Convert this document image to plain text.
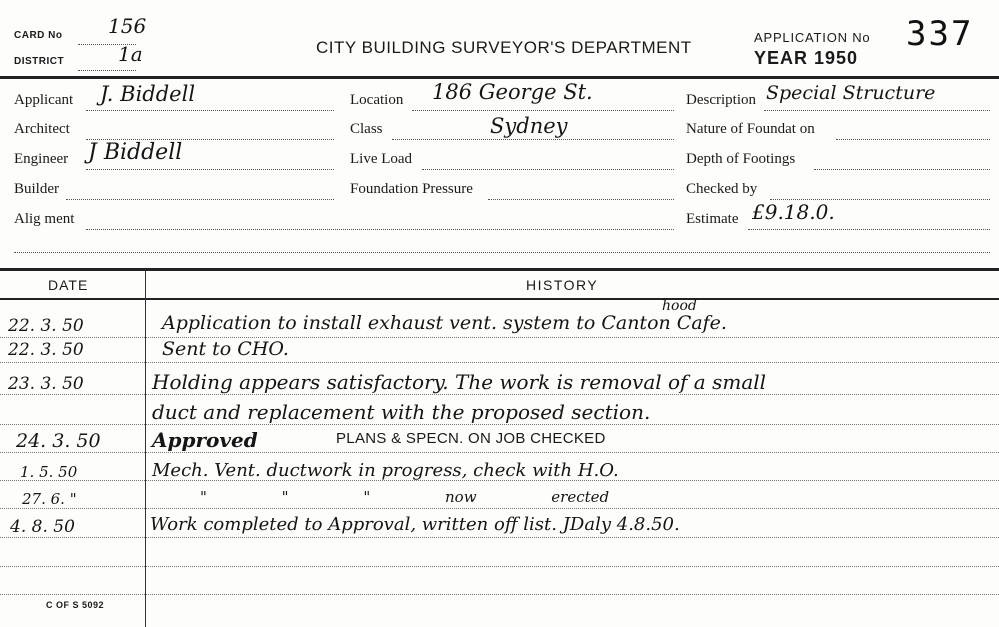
CARD No 156
DISTRICT	1a	CITY BUILDING SURVEYOR'S DEPARTMENT
APPLICATION No 337
YEAR 1950
Applicant J. Biddell
Architect
Engineer J Biddell
Builder
Alig ment
Location 186 George St.
Class	Sydney
Live Load
Foundation Pressure
Description Special Structure
Nature of Foundat on
Depth of Footings
Checked by
Estimate £9.18.0.
DATE	HISTORY
hood
22. 3. 50	Application to install exhaust vent. system to Canton Cafe.
22. 3. 50	Sent to CHO.
23. 3. 50	Holding appears satisfactory. The work is removal of a small
duct and replacement with the proposed section.
24. 3. 50	Approved	PLANS & SPECN. ON JOB CHECKED
1. 5. 50	Mech. Vent. ductwork in progress, check with H.O.
27. 6. "	" " " now erected
4. 8. 50	Work completed to Approval, written off list. JDaly 4.8.50.
C OF S 5092
